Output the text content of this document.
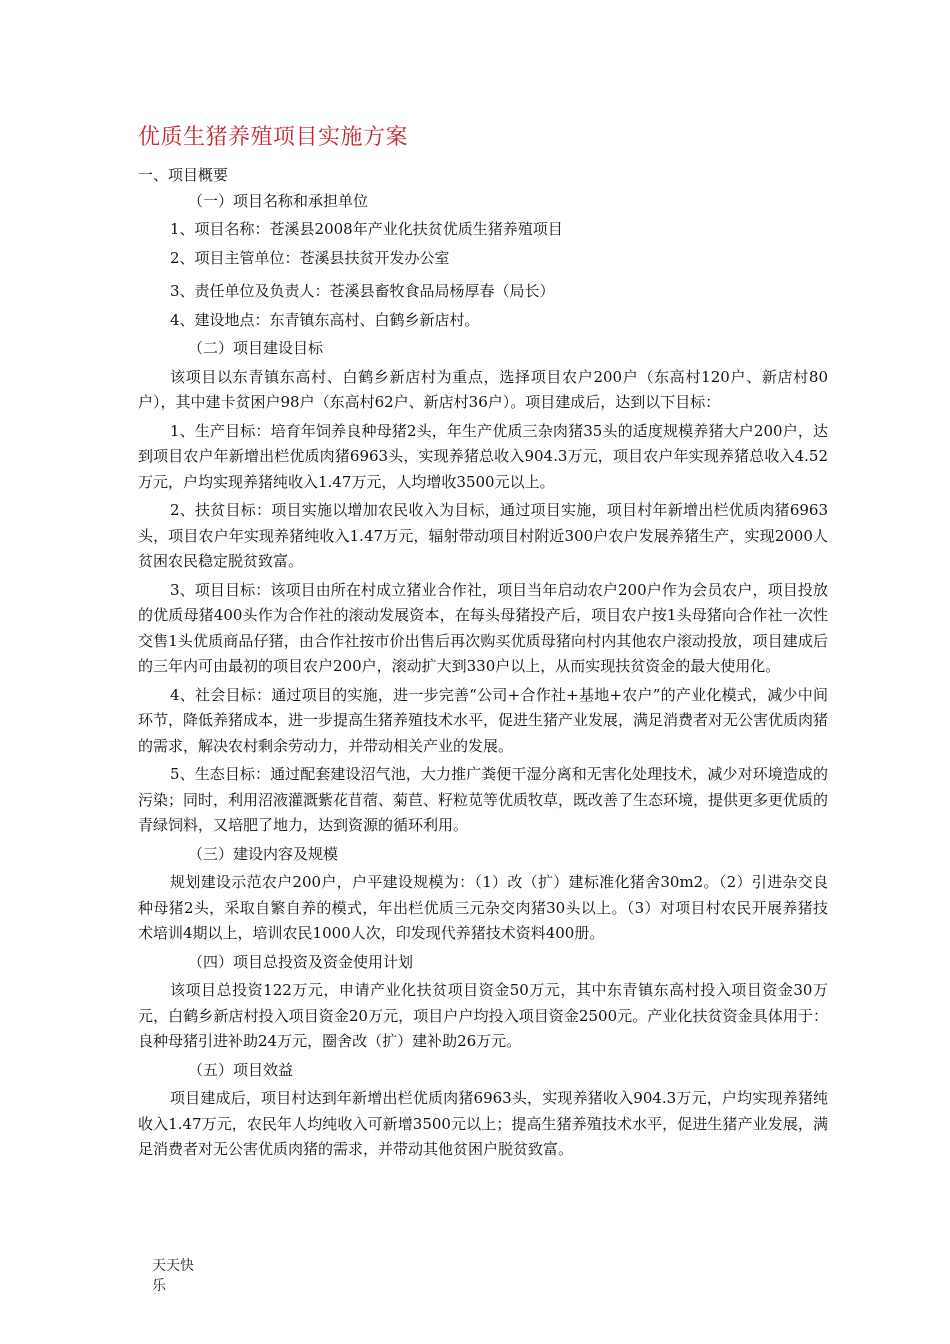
优质生猪养殖项目实施方案

一、项目概要

（一）项目名称和承担单位

1、项目名称：苍溪县2008年产业化扶贫优质生猪养殖项目

2、项目主管单位：苍溪县扶贫开发办公室

3、责任单位及负责人：苍溪县畜牧食品局杨厚春（局长）

4、建设地点：东青镇东高村、白鹤乡新店村。

（二）项目建设目标

该项目以东青镇东高村、白鹤乡新店村为重点，选择项目农户200户（东高村120户、新店村80户），其中建卡贫困户98户（东高村62户、新店村36户）。项目建成后，达到以下目标：

1、生产目标：培育年饲养良种母猪2头，年生产优质三杂肉猪35头的适度规模养猪大户200户，达到项目农户年新增出栏优质肉猪6963头，实现养猪总收入904.3万元，项目农户年实现养猪总收入4.52万元，户均实现养猪纯收入1.47万元，人均增收3500元以上。

2、扶贫目标：项目实施以增加农民收入为目标，通过项目实施，项目村年新增出栏优质肉猪6963头，项目农户年实现养猪纯收入1.47万元，辐射带动项目村附近300户农户发展养猪生产，实现2000人贫困农民稳定脱贫致富。

3、项目目标：该项目由所在村成立猪业合作社，项目当年启动农户200户作为会员农户，项目投放的优质母猪400头作为合作社的滚动发展资本，在每头母猪投产后，项目农户按1头母猪向合作社一次性交售1头优质商品仔猪，由合作社按市价出售后再次购买优质母猪向村内其他农户滚动投放，项目建成后的三年内可由最初的项目农户200户，滚动扩大到330户以上，从而实现扶贫资金的最大使用化。

4、社会目标：通过项目的实施，进一步完善“公司+合作社+基地+农户”的产业化模式，减少中间环节，降低养猪成本，进一步提高生猪养殖技术水平，促进生猪产业发展，满足消费者对无公害优质肉猪的需求，解决农村剩余劳动力，并带动相关产业的发展。

5、生态目标：通过配套建设沼气池，大力推广粪便干湿分离和无害化处理技术，减少对环境造成的污染；同时，利用沼液灌溉紫花苜蓿、菊苣、籽粒苋等优质牧草，既改善了生态环境，提供更多更优质的青绿饲料，又培肥了地力，达到资源的循环利用。

（三）建设内容及规模

规划建设示范农户200户，户平建设规模为：（1）改（扩）建标准化猪舍30m2。（2）引进杂交良种母猪2头，采取自繁自养的模式，年出栏优质三元杂交肉猪30头以上。（3）对项目村农民开展养猪技术培训4期以上，培训农民1000人次，印发现代养猪技术资料400册。

（四）项目总投资及资金使用计划

该项目总投资122万元，申请产业化扶贫项目资金50万元，其中东青镇东高村投入项目资金30万元，白鹤乡新店村投入项目资金20万元，项目户户均投入项目资金2500元。产业化扶贫资金具体用于：良种母猪引进补助24万元，圈舍改（扩）建补助26万元。

（五）项目效益

项目建成后，项目村达到年新增出栏优质肉猪6963头，实现养猪收入904.3万元，户均实现养猪纯收入1.47万元，农民年人均纯收入可新增3500元以上；提高生猪养殖技术水平，促进生猪产业发展，满足消费者对无公害优质肉猪的需求，并带动其他贫困户脱贫致富。

天天快乐
